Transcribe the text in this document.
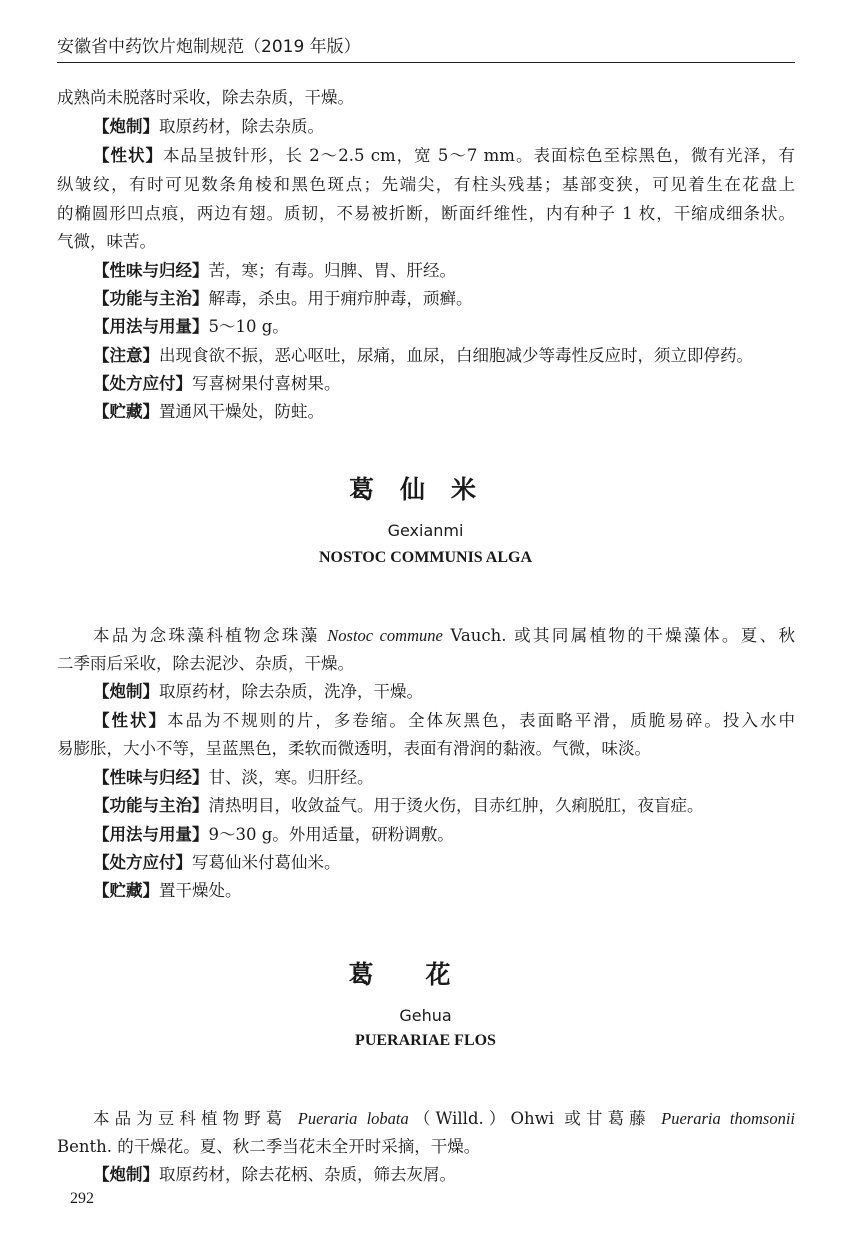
安徽省中药饮片炮制规范（2019 年版）

成熟尚未脱落时采收，除去杂质，干燥。

【炮制】取原药材，除去杂质。

【性状】本品呈披针形，长 2～2.5 cm，宽 5～7 mm。表面棕色至棕黑色，微有光泽，有

纵皱纹，有时可见数条角棱和黑色斑点；先端尖，有柱头残基；基部变狭，可见着生在花盘上

的椭圆形凹点痕，两边有翅。质韧，不易被折断，断面纤维性，内有种子 1 枚，干缩成细条状。

气微，味苦。

【性味与归经】苦，寒；有毒。归脾、胃、肝经。

【功能与主治】解毒，杀虫。用于痈疖肿毒，顽癣。

【用法与用量】5～10 g。

【注意】出现食欲不振，恶心呕吐，尿痛，血尿，白细胞减少等毒性反应时，须立即停药。

【处方应付】写喜树果付喜树果。

【贮藏】置通风干燥处，防蛀。

葛仙米
Gexianmi
NOSTOC COMMUNIS ALGA

本品为念珠藻科植物念珠藻 Nostoc commune Vauch. 或其同属植物的干燥藻体。夏、秋

二季雨后采收，除去泥沙、杂质，干燥。

【炮制】取原药材，除去杂质，洗净，干燥。

【性状】本品为不规则的片，多卷缩。全体灰黑色，表面略平滑，质脆易碎。投入水中

易膨胀，大小不等，呈蓝黑色，柔软而微透明，表面有滑润的黏液。气微，味淡。

【性味与归经】甘、淡，寒。归肝经。

【功能与主治】清热明目，收敛益气。用于烫火伤，目赤红肿，久痢脱肛，夜盲症。

【用法与用量】9～30 g。外用适量，研粉调敷。

【处方应付】写葛仙米付葛仙米。

【贮藏】置干燥处。

葛花
Gehua
PUERARIAE FLOS

本品为豆科植物野葛 Pueraria lobata（Willd.）Ohwi 或甘葛藤 Pueraria thomsonii

Benth. 的干燥花。夏、秋二季当花未全开时采摘，干燥。

【炮制】取原药材，除去花柄、杂质，筛去灰屑。

292
